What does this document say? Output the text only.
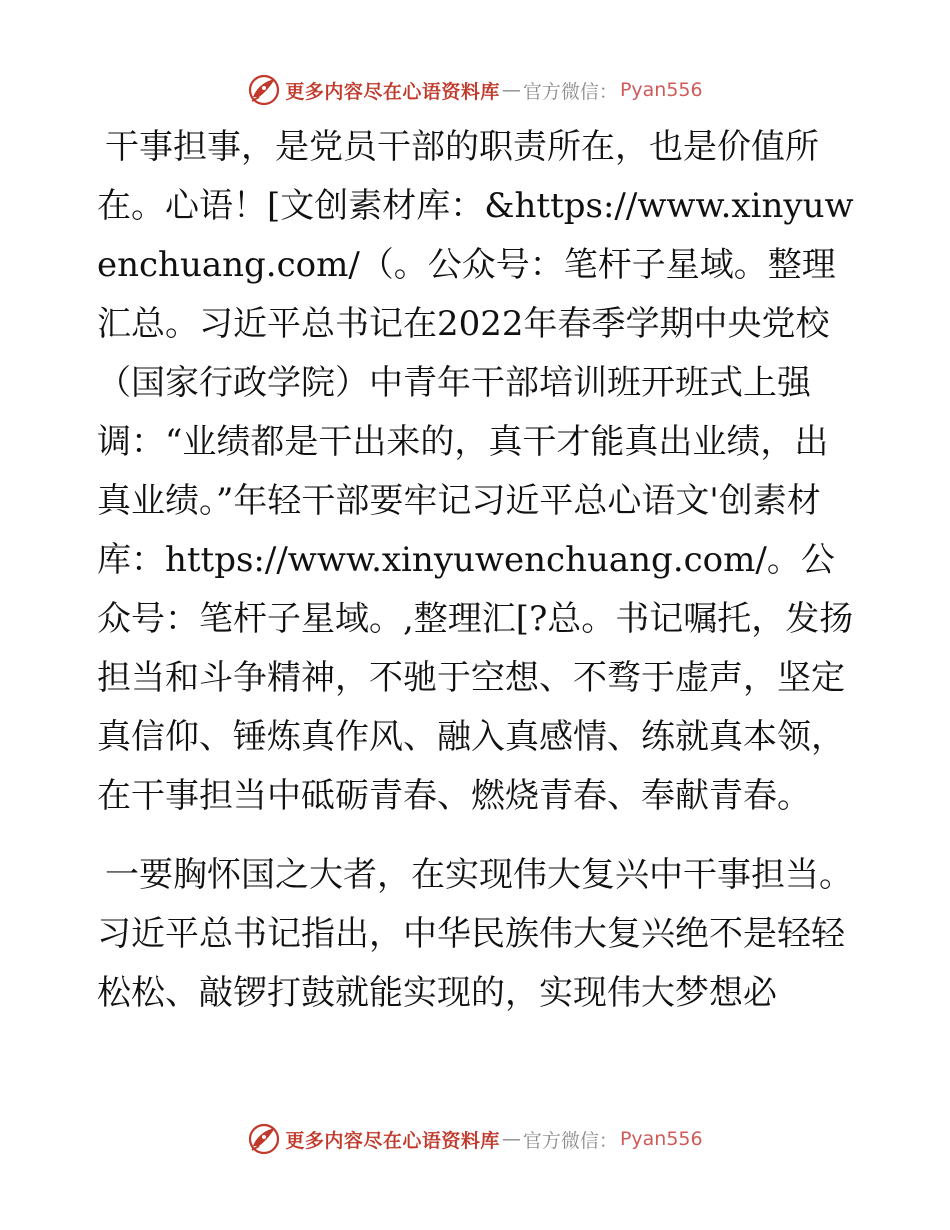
更多内容尽在心语资料库 — 官方微信： Pyan556

干事担事，是党员干部的职责所在，也是价值所在。心语！[文创素材库：&https://www.xinyuwenchuang.com/（。公众号：笔杆子星域。整理汇总。习近平总书记在2022年春季学期中央党校（国家行政学院）中青年干部培训班开班式上强调：“业绩都是干出来的，真干才能真出业绩，出真业绩。”年轻干部要牢记习近平总心语文'创素材库：https://www.xinyuwenchuang.com/。公众号：笔杆子星域。,整理汇[?总。书记嘱托，发扬担当和斗争精神，不驰于空想、不骛于虚声，坚定真信仰、锤炼真作风、融入真感情、练就真本领，在干事担当中砥砺青春、燃烧青春、奉献青春。

一要胸怀国之大者，在实现伟大复兴中干事担当。习近平总书记指出，中华民族伟大复兴绝不是轻轻松松、敲锣打鼓就能实现的，实现伟大梦想必

更多内容尽在心语资料库 — 官方微信： Pyan556
